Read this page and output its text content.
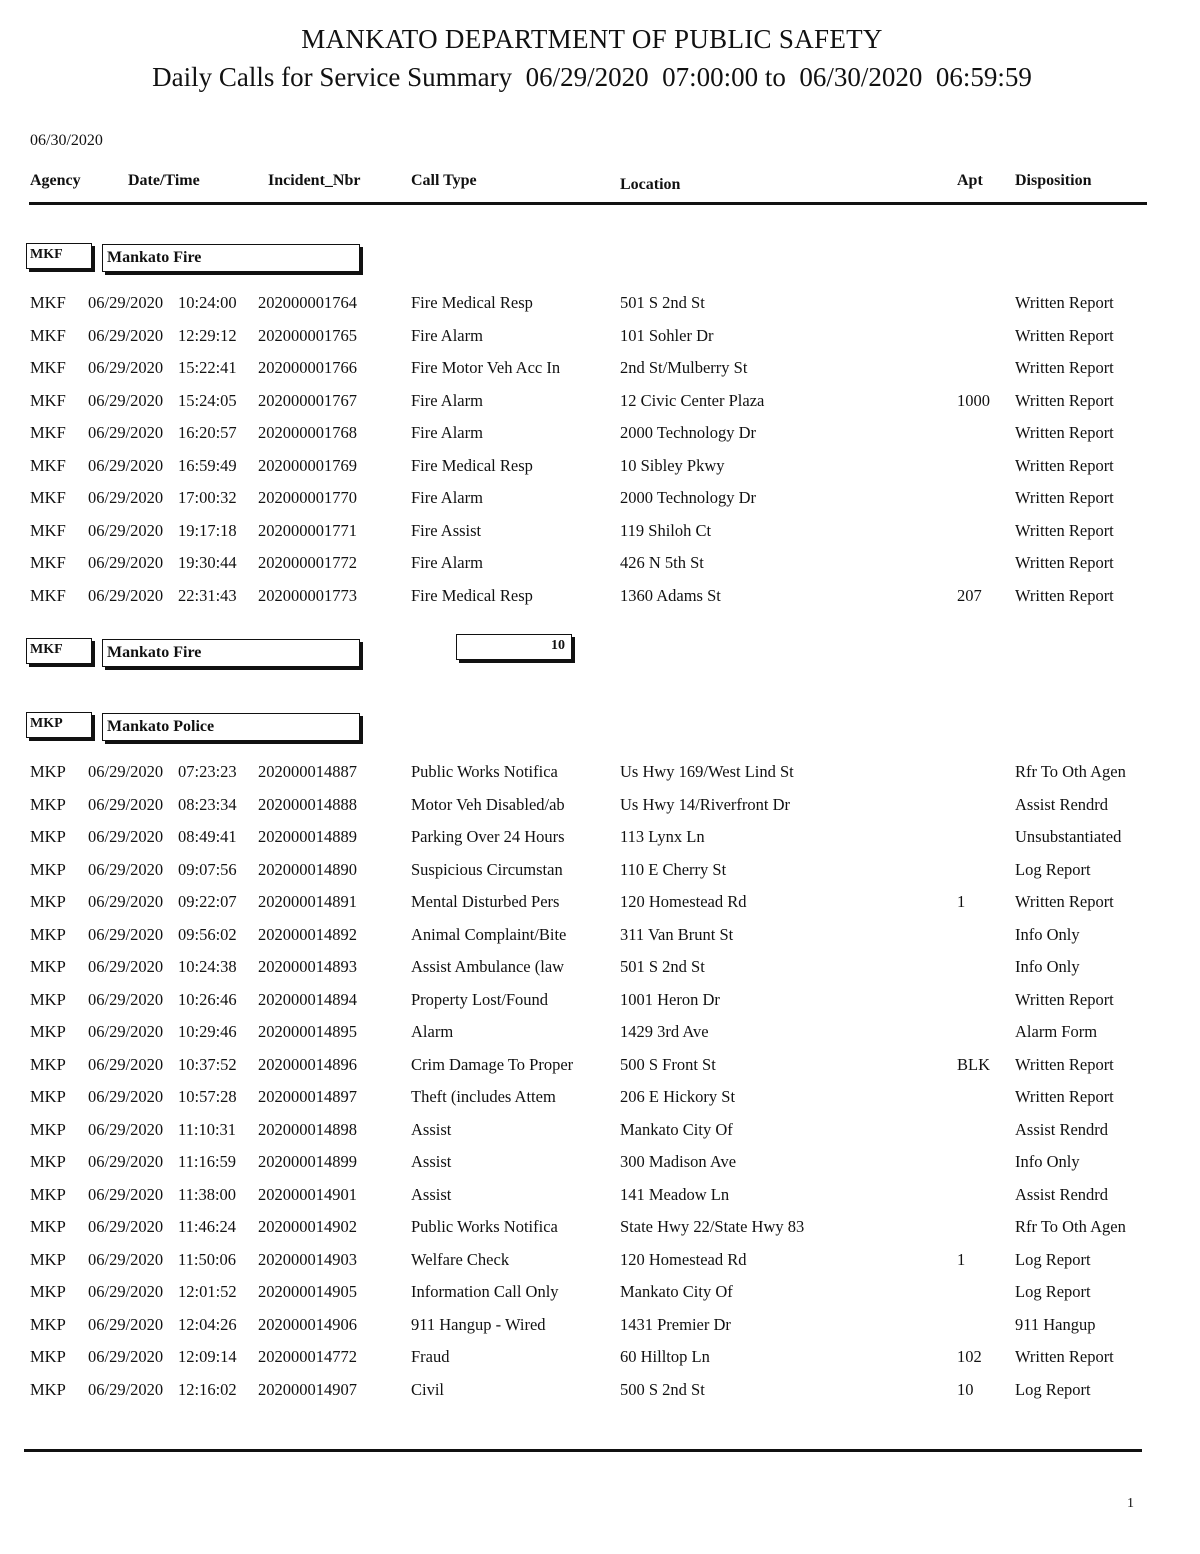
MANKATO DEPARTMENT OF PUBLIC SAFETY
Daily Calls for Service Summary  06/29/2020  07:00:00 to  06/30/2020  06:59:59
06/30/2020
Agency	Date/Time	Incident_Nbr	Call Type	Location	Apt Disposition
MKF	Mankato Fire
MKF 06/29/2020 10:24:00 202000001764	Fire Medical Resp	501 S 2nd St	Written Report
MKF 06/29/2020 12:29:12 202000001765	Fire Alarm	101 Sohler Dr	Written Report
MKF 06/29/2020 15:22:41 202000001766	Fire Motor Veh Acc In	2nd St/Mulberry St	Written Report
MKF 06/29/2020 15:24:05 202000001767	Fire Alarm	12 Civic Center Plaza	1000 Written Report
MKF 06/29/2020 16:20:57 202000001768	Fire Alarm	2000 Technology Dr	Written Report
MKF 06/29/2020 16:59:49 202000001769	Fire Medical Resp	10 Sibley Pkwy	Written Report
MKF 06/29/2020 17:00:32 202000001770	Fire Alarm	2000 Technology Dr	Written Report
MKF 06/29/2020 19:17:18 202000001771	Fire Assist	119 Shiloh Ct	Written Report
MKF 06/29/2020 19:30:44 202000001772	Fire Alarm	426 N 5th St	Written Report
MKF 06/29/2020 22:31:43 202000001773	Fire Medical Resp	1360 Adams St	207 Written Report
MKF	Mankato Fire	10
MKP	Mankato Police
MKP 06/29/2020 07:23:23 202000014887	Public Works Notifica	Us Hwy 169/West Lind St	Rfr To Oth Agen
MKP 06/29/2020 08:23:34 202000014888	Motor Veh Disabled/ab	Us Hwy 14/Riverfront Dr	Assist Rendrd
MKP 06/29/2020 08:49:41 202000014889	Parking Over 24 Hours	113 Lynx Ln	Unsubstantiated
MKP 06/29/2020 09:07:56 202000014890	Suspicious Circumstan	110 E Cherry St	Log Report
MKP 06/29/2020 09:22:07 202000014891	Mental Disturbed Pers	120 Homestead Rd	1	Written Report
MKP 06/29/2020 09:56:02 202000014892	Animal Complaint/Bite	311 Van Brunt St	Info Only
MKP 06/29/2020 10:24:38 202000014893	Assist Ambulance (law	501 S 2nd St	Info Only
MKP 06/29/2020 10:26:46 202000014894	Property Lost/Found	1001 Heron Dr	Written Report
MKP 06/29/2020 10:29:46 202000014895	Alarm	1429 3rd Ave	Alarm Form
MKP 06/29/2020 10:37:52 202000014896	Crim Damage To Proper	500 S Front St	BLK Written Report
MKP 06/29/2020 10:57:28 202000014897	Theft (includes Attem	206 E Hickory St	Written Report
MKP 06/29/2020 11:10:31 202000014898	Assist	Mankato City Of	Assist Rendrd
MKP 06/29/2020 11:16:59 202000014899	Assist	300 Madison Ave	Info Only
MKP 06/29/2020 11:38:00 202000014901	Assist	141 Meadow Ln	Assist Rendrd
MKP 06/29/2020 11:46:24 202000014902	Public Works Notifica	State Hwy 22/State Hwy 83	Rfr To Oth Agen
MKP 06/29/2020 11:50:06 202000014903	Welfare Check	120 Homestead Rd	1	Log Report
MKP 06/29/2020 12:01:52 202000014905	Information Call Only	Mankato City Of	Log Report
MKP 06/29/2020 12:04:26 202000014906	911 Hangup - Wired	1431 Premier Dr	911 Hangup
MKP 06/29/2020 12:09:14 202000014772	Fraud	60 Hilltop Ln	102 Written Report
MKP 06/29/2020 12:16:02 202000014907	Civil	500 S 2nd St	10	Log Report
1
